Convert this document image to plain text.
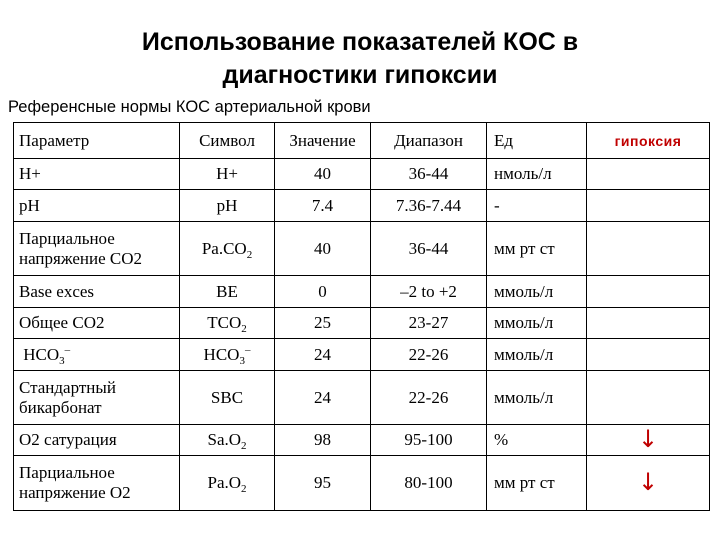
Использование показателей КОС в
диагностики гипоксии
Референсные нормы КОС артериальной крови
Параметр	Символ	Значение	Диапазон	Ед	гипоксия
H+	H+	40	36-44	нмоль/л	
pH	pH	7.4	7.36-7.44	-	
Парциальное напряжение CO2	$Pa.CO_2$	40	36-44	мм рт ст	
Base exces	BE	0	–2 to +2	ммоль/л	
Общее CO2	$TCO_2$	25	23-27	ммоль/л	
$HCO_3^-$	$HCO_3^-$	24	22-26	ммоль/л	
Стандартный бикарбонат	SBC	24	22-26	ммоль/л	
O2 сатурация	$Sa.O_2$	98	95-100	%	↓
Парциальное напряжение O2	$Pa.O_2$	95	80-100	мм рт ст	↓
